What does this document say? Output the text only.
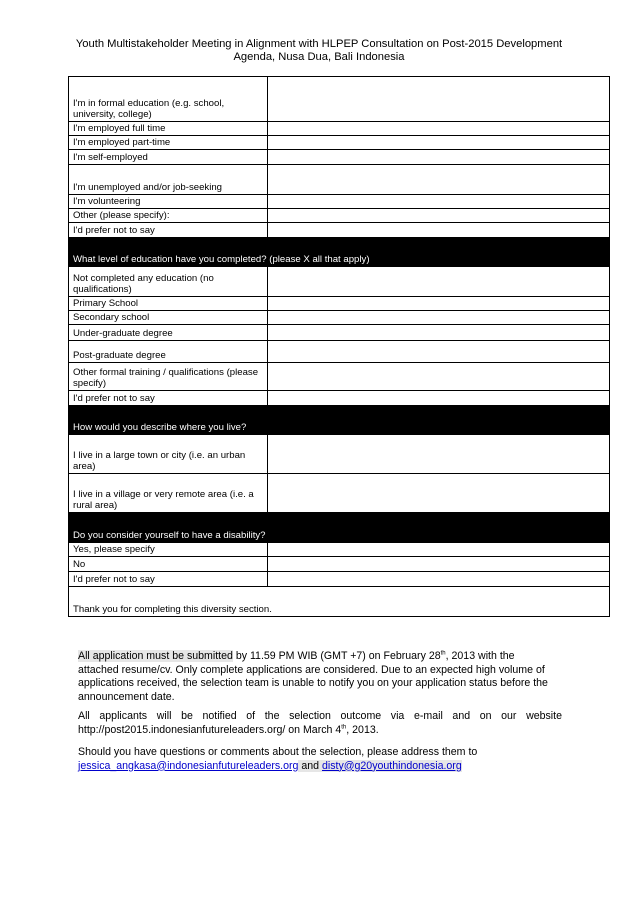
Youth Multistakeholder Meeting in Alignment with HLPEP Consultation on Post-2015 Development
Agenda, Nusa Dua, Bali Indonesia
I'm in formal education (e.g. school, university, college)	
I'm employed full time	
I'm employed part-time	
I'm self-employed	
I'm unemployed and/or job-seeking	
I'm volunteering	
Other (please specify):	
I'd prefer not to say	
What level of education have you completed? (please X all that apply)	
Not completed any education (no qualifications)	
Primary School	
Secondary school	
Under-graduate degree	
Post-graduate degree	
Other formal training / qualifications (please specify)	
I'd prefer not to say	
How would you describe where you live?	
I live in a large town or city (i.e. an urban area)	
I live in a village or very remote area (i.e. a rural area)	
Do you consider yourself to have a disability?	
Yes, please specify	
No	
I'd prefer not to say	
Thank you for completing this diversity section.	
All application must be submitted by 11.59 PM WIB (GMT +7) on February 28th, 2013 with the
attached resume/cv. Only complete applications are considered. Due to an expected high volume of
applications received, the selection team is unable to notify you on your application status before the
announcement date.
All applicants will be notified of the selection outcome via e-mail and on our website
http://post2015.indonesianfutureleaders.org/ on March 4th, 2013.
Should you have questions or comments about the selection, please address them to
jessica_angkasa@indonesianfutureleaders.org and disty@g20youthindonesia.org
